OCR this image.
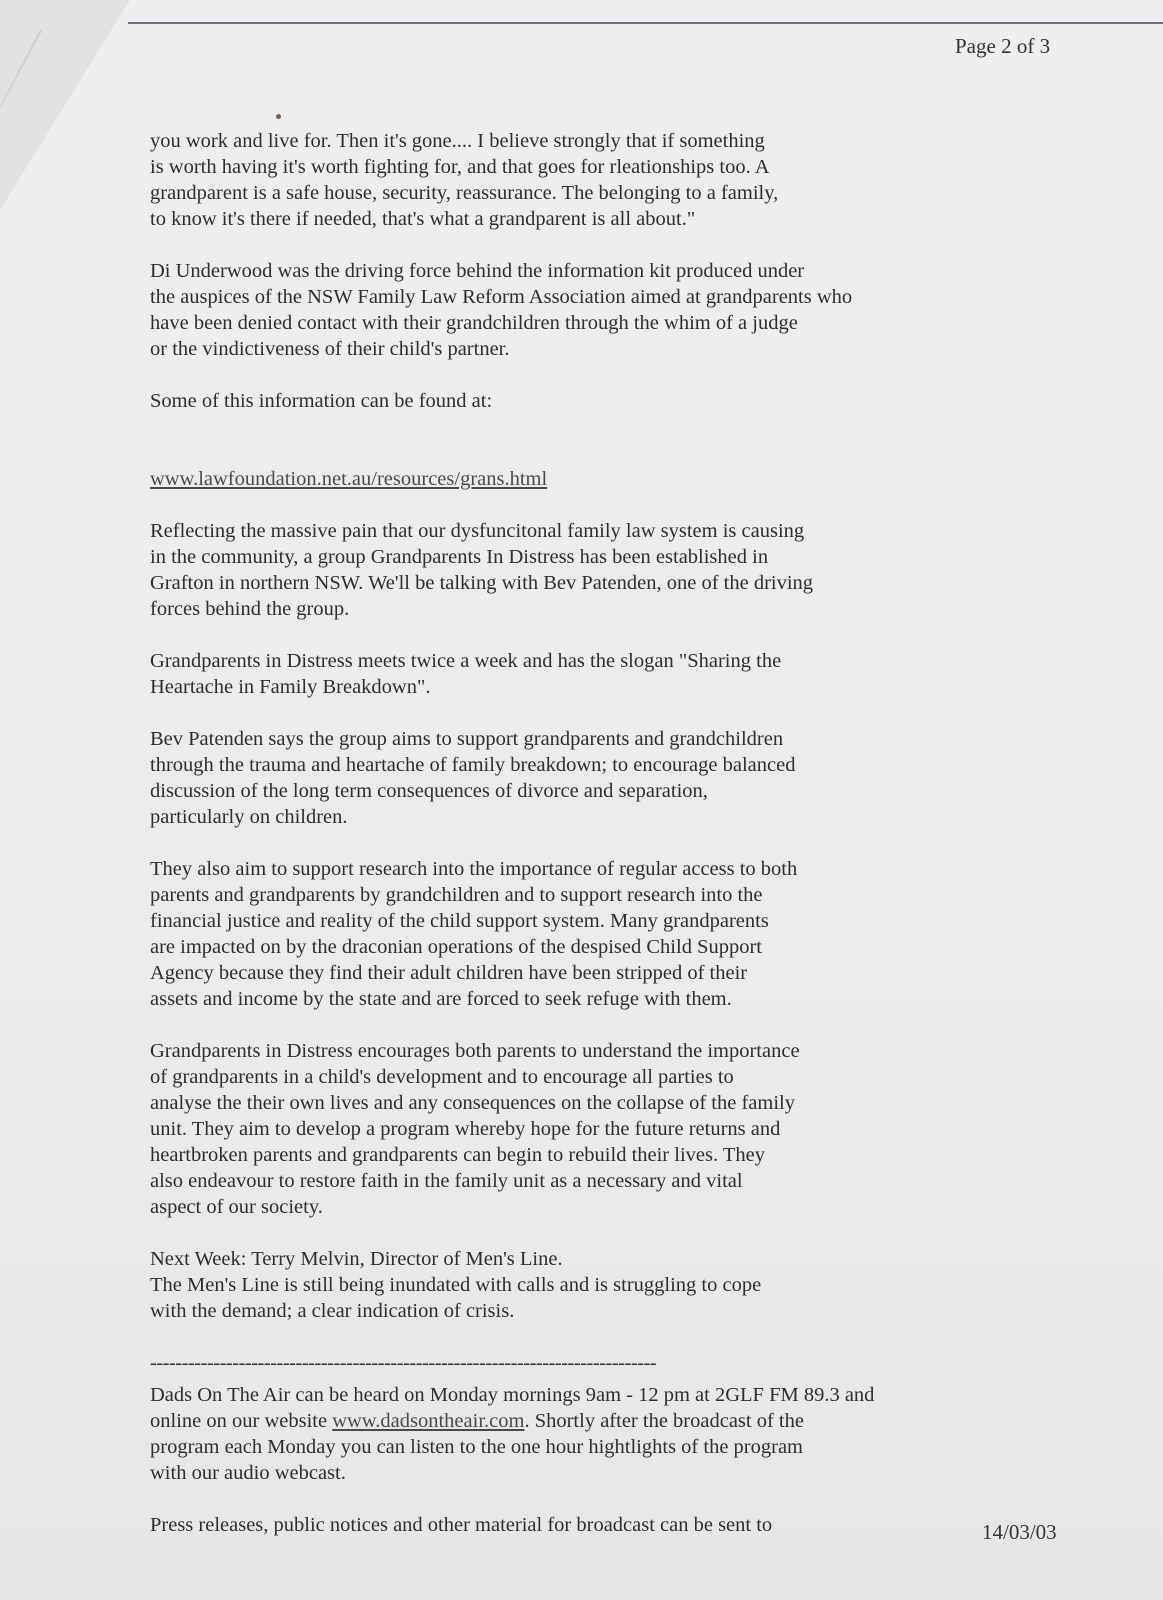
Page 2 of 3

you work and live for. Then it's gone.... I believe strongly that if something
is worth having it's worth fighting for, and that goes for rleationships too. A
grandparent is a safe house, security, reassurance. The belonging to a family,
to know it's there if needed, that's what a grandparent is all about."

Di Underwood was the driving force behind the information kit produced under
the auspices of the NSW Family Law Reform Association aimed at grandparents who
have been denied contact with their grandchildren through the whim of a judge
or the vindictiveness of their child's partner.

Some of this information can be found at:

www.lawfoundation.net.au/resources/grans.html

Reflecting the massive pain that our dysfuncitonal family law system is causing
in the community, a group Grandparents In Distress has been established in
Grafton in northern NSW. We'll be talking with Bev Patenden, one of the driving
forces behind the group.

Grandparents in Distress meets twice a week and has the slogan "Sharing the
Heartache in Family Breakdown".

Bev Patenden says the group aims to support grandparents and grandchildren
through the trauma and heartache of family breakdown; to encourage balanced
discussion of the long term consequences of divorce and separation,
particularly on children.

They also aim to support research into the importance of regular access to both
parents and grandparents by grandchildren and to support research into the
financial justice and reality of the child support system. Many grandparents
are impacted on by the draconian operations of the despised Child Support
Agency because they find their adult children have been stripped of their
assets and income by the state and are forced to seek refuge with them.

Grandparents in Distress encourages both parents to understand the importance
of grandparents in a child's development and to encourage all parties to
analyse the their own lives and any consequences on the collapse of the family
unit. They aim to develop a program whereby hope for the future returns and
heartbroken parents and grandparents can begin to rebuild their lives. They
also endeavour to restore faith in the family unit as a necessary and vital
aspect of our society.

Next Week: Terry Melvin, Director of Men's Line.

The Men's Line is still being inundated with calls and is struggling to cope
with the demand; a clear indication of crisis.

--------------------------------------------------------------------------------

Dads On The Air can be heard on Monday mornings 9am - 12 pm at 2GLF FM 89.3 and
online on our website www.dadsontheair.com. Shortly after the broadcast of the
program each Monday you can listen to the one hour hightlights of the program
with our audio webcast.

Press releases, public notices and other material for broadcast can be sent to	14/03/03
